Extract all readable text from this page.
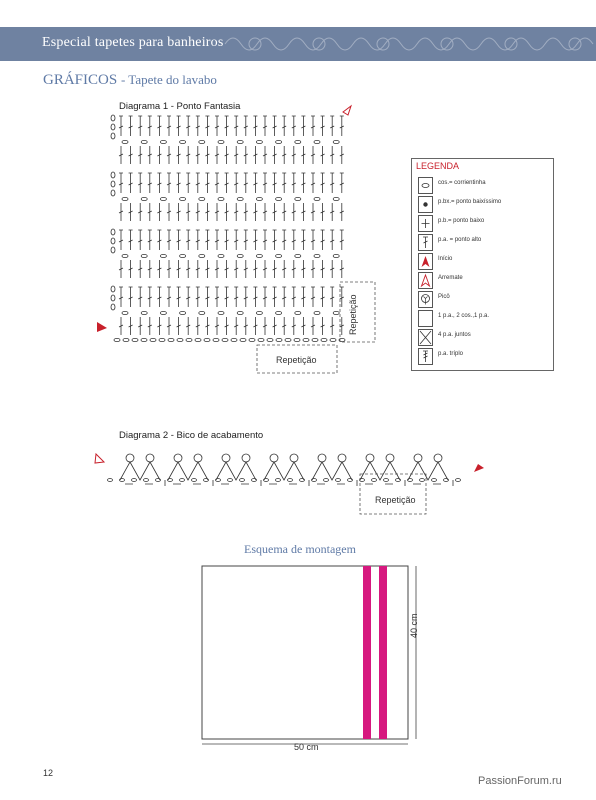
Especial tapetes para banheiros
GRÁFICOS - Tapete do lavabo
Diagrama 1 - Ponto Fantasia
Repetição
Repetição
LEGENDA
cos.= corrientinha
p.bx.= ponto baixíssimo
p.b.= ponto baixo
p.a. = ponto alto
Início
Arremate
Picô
1 p.a., 2 cos.,1 p.a.
4 p.a. juntos
p.a. tríplo
Diagrama 2 - Bico de acabamento
Repetição
Esquema de montagem
50 cm
40 cm
12
PassionForum.ru
